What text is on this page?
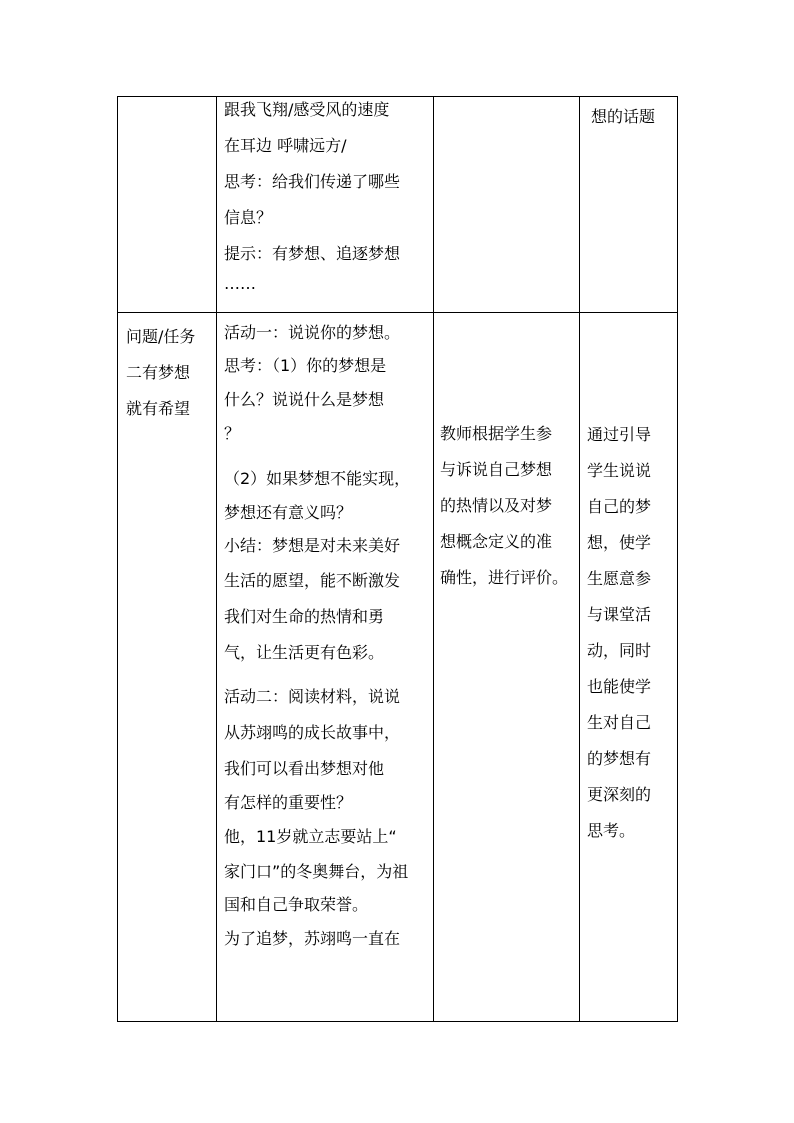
跟我飞翔/感受风的速度
在耳边 呼啸远方/
思考：给我们传递了哪些
信息？
提示：有梦想、追逐梦想
……
想的话题
问题/任务
二有梦想
就有希望
活动一：说说你的梦想。
思考：（1）你的梦想是
什么？说说什么是梦想
？
（2）如果梦想不能实现，
梦想还有意义吗？
小结：梦想是对未来美好
生活的愿望，能不断激发
我们对生命的热情和勇
气，让生活更有色彩。
活动二：阅读材料，说说
从苏翊鸣的成长故事中，
我们可以看出梦想对他
有怎样的重要性？
他，11岁就立志要站上“
家门口”的冬奥舞台，为祖
国和自己争取荣誉。
为了追梦，苏翊鸣一直在
教师根据学生参
与诉说自己梦想
的热情以及对梦
想概念定义的准
确性，进行评价。
通过引导
学生说说
自己的梦
想，使学
生愿意参
与课堂活
动，同时
也能使学
生对自己
的梦想有
更深刻的
思考。
